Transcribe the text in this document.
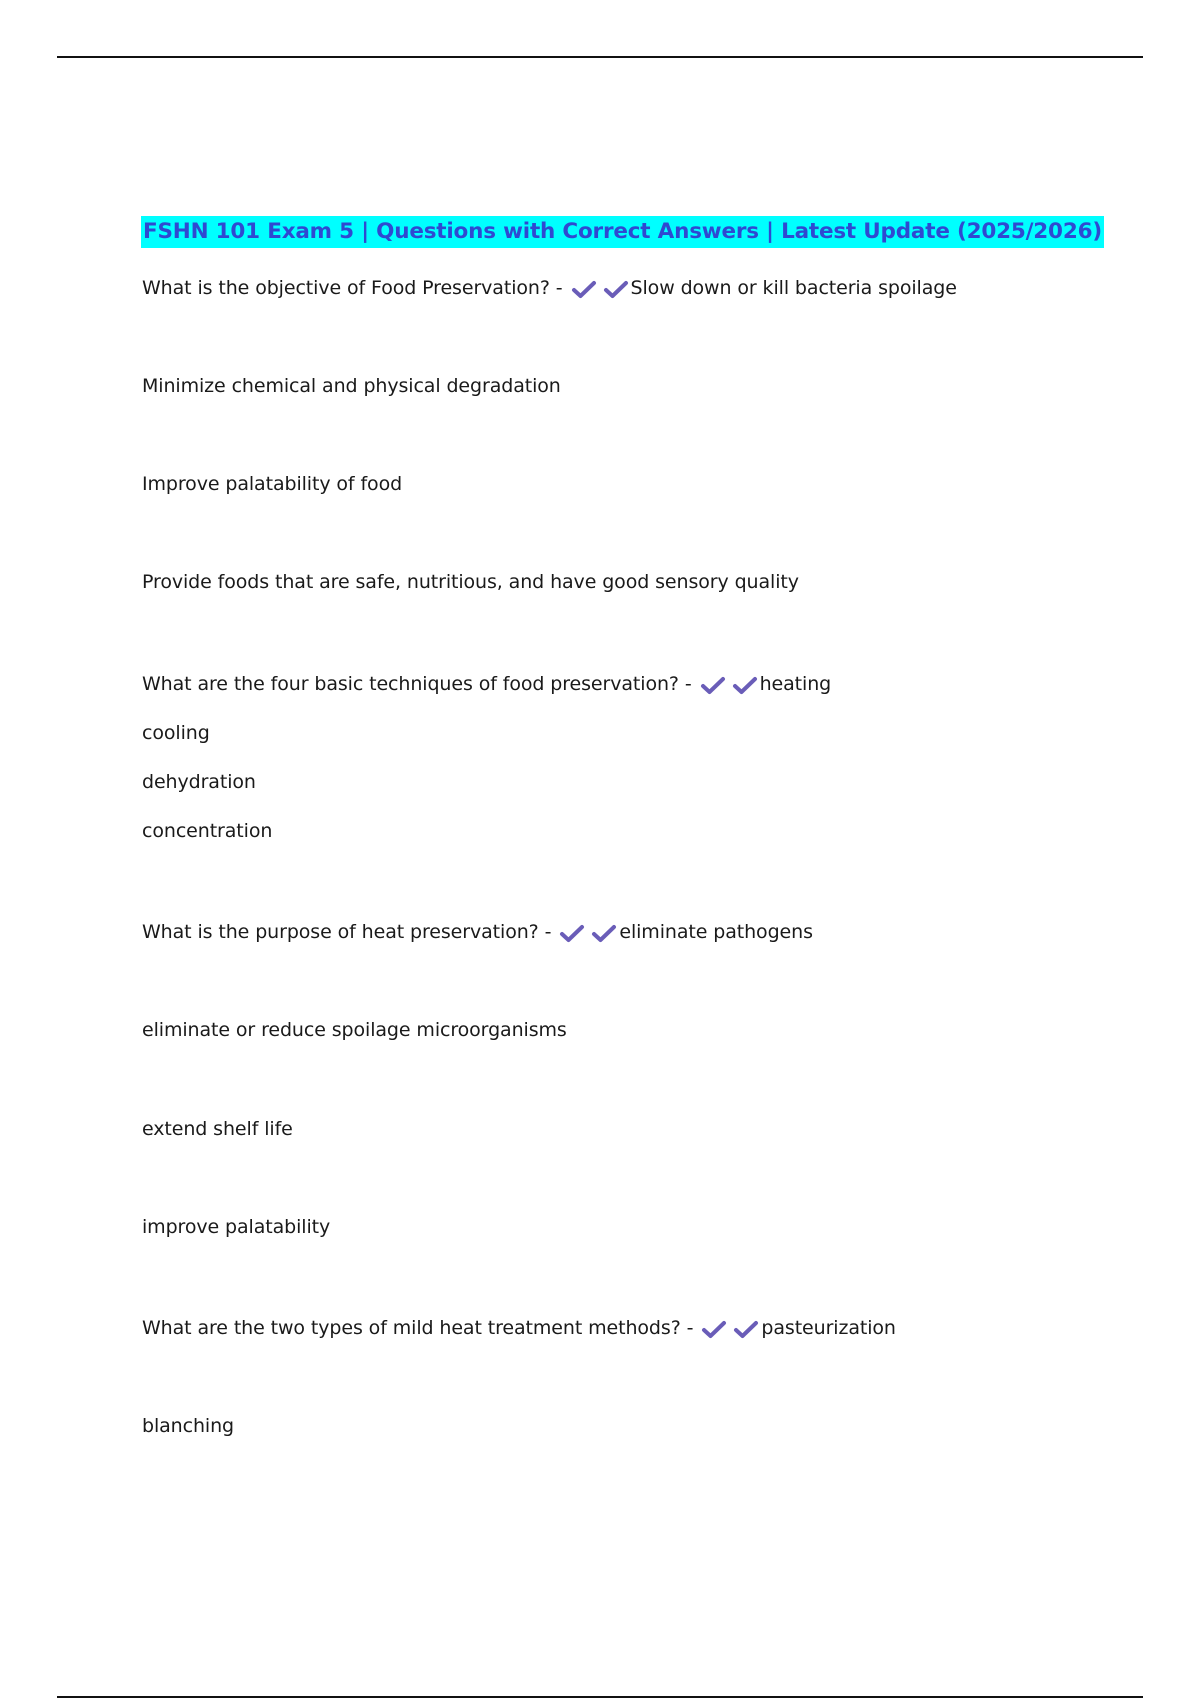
FSHN 101 Exam 5 | Questions with Correct Answers | Latest Update (2025/2026)
What is the objective of Food Preservation? -	Slow down or kill bacteria spoilage
Minimize chemical and physical degradation
Improve palatability of food
Provide foods that are safe, nutritious, and have good sensory quality
What are the four basic techniques of food preservation? -	heating
cooling
dehydration
concentration
What is the purpose of heat preservation? -	eliminate pathogens
eliminate or reduce spoilage microorganisms
extend shelf life
improve palatability
What are the two types of mild heat treatment methods? -	pasteurization
blanching
